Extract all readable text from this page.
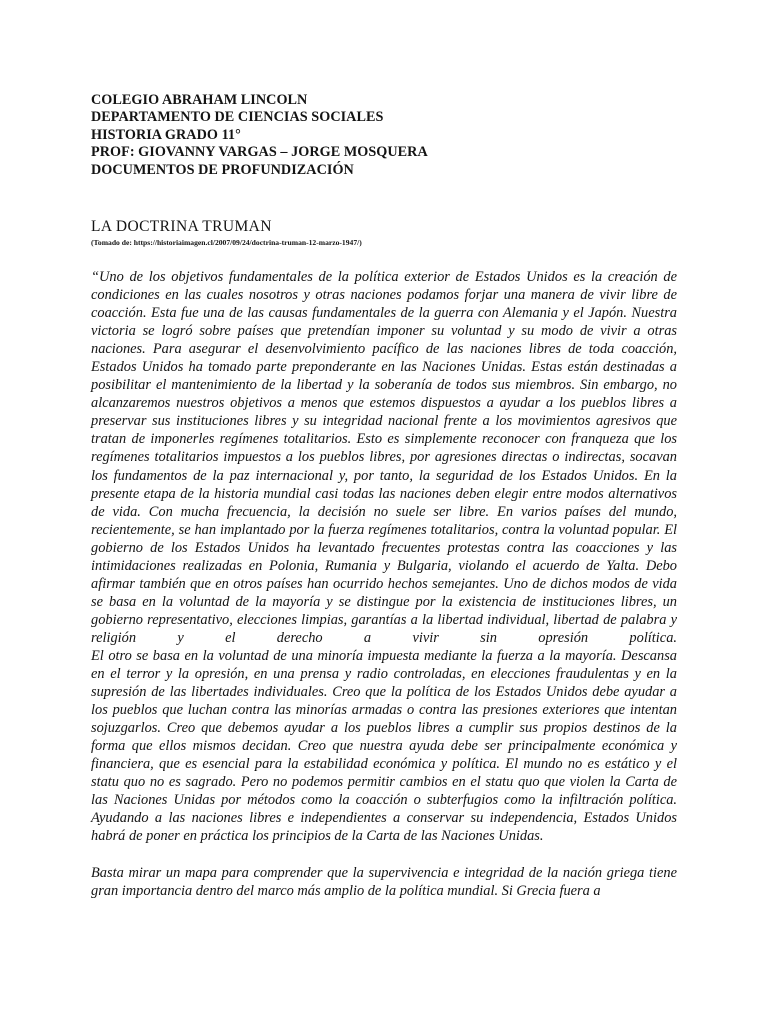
COLEGIO ABRAHAM LINCOLN
DEPARTAMENTO DE CIENCIAS SOCIALES
HISTORIA GRADO 11°
PROF: GIOVANNY VARGAS – JORGE MOSQUERA
DOCUMENTOS DE PROFUNDIZACIÓN
LA DOCTRINA TRUMAN
(Tomado de: https://historiaimagen.cl/2007/09/24/doctrina-truman-12-marzo-1947/)

“Uno de los objetivos fundamentales de la política exterior de Estados Unidos es la creación de condiciones en las cuales nosotros y otras naciones podamos forjar una manera de vivir libre de coacción. Esta fue una de las causas fundamentales de la guerra con Alemania y el Japón. Nuestra victoria se logró sobre países que pretendían imponer su voluntad y su modo de vivir a otras naciones. Para asegurar el desenvolvimiento pacífico de las naciones libres de toda coacción, Estados Unidos ha tomado parte preponderante en las Naciones Unidas. Estas están destinadas a posibilitar el mantenimiento de la libertad y la soberanía de todos sus miembros. Sin embargo, no alcanzaremos nuestros objetivos a menos que estemos dispuestos a ayudar a los pueblos libres a preservar sus instituciones libres y su integridad nacional frente a los movimientos agresivos que tratan de imponerles regímenes totalitarios. Esto es simplemente reconocer con franqueza que los regímenes totalitarios impuestos a los pueblos libres, por agresiones directas o indirectas, socavan los fundamentos de la paz internacional y, por tanto, la seguridad de los Estados Unidos. En la presente etapa de la historia mundial casi todas las naciones deben elegir entre modos alternativos de vida. Con mucha frecuencia, la decisión no suele ser libre. En varios países del mundo, recientemente, se han implantado por la fuerza regímenes totalitarios, contra la voluntad popular. El gobierno de los Estados Unidos ha levantado frecuentes protestas contra las coacciones y las intimidaciones realizadas en Polonia, Rumania y Bulgaria, violando el acuerdo de Yalta. Debo afirmar también que en otros países han ocurrido hechos semejantes. Uno de dichos modos de vida se basa en la voluntad de la mayoría y se distingue por la existencia de instituciones libres, un gobierno representativo, elecciones limpias, garantías a la libertad individual, libertad de palabra y religión y el derecho a vivir sin opresión política.

El otro se basa en la voluntad de una minoría impuesta mediante la fuerza a la mayoría. Descansa en el terror y la opresión, en una prensa y radio controladas, en elecciones fraudulentas y en la supresión de las libertades individuales. Creo que la política de los Estados Unidos debe ayudar a los pueblos que luchan contra las minorías armadas o contra las presiones exteriores que intentan sojuzgarlos. Creo que debemos ayudar a los pueblos libres a cumplir sus propios destinos de la forma que ellos mismos decidan. Creo que nuestra ayuda debe ser principalmente económica y financiera, que es esencial para la estabilidad económica y política. El mundo no es estático y el statu quo no es sagrado. Pero no podemos permitir cambios en el statu quo que violen la Carta de las Naciones Unidas por métodos como la coacción o subterfugios como la infiltración política. Ayudando a las naciones libres e independientes a conservar su independencia, Estados Unidos habrá de poner en práctica los principios de la Carta de las Naciones Unidas.

Basta mirar un mapa para comprender que la supervivencia e integridad de la nación griega tiene gran importancia dentro del marco más amplio de la política mundial. Si Grecia fuera a
